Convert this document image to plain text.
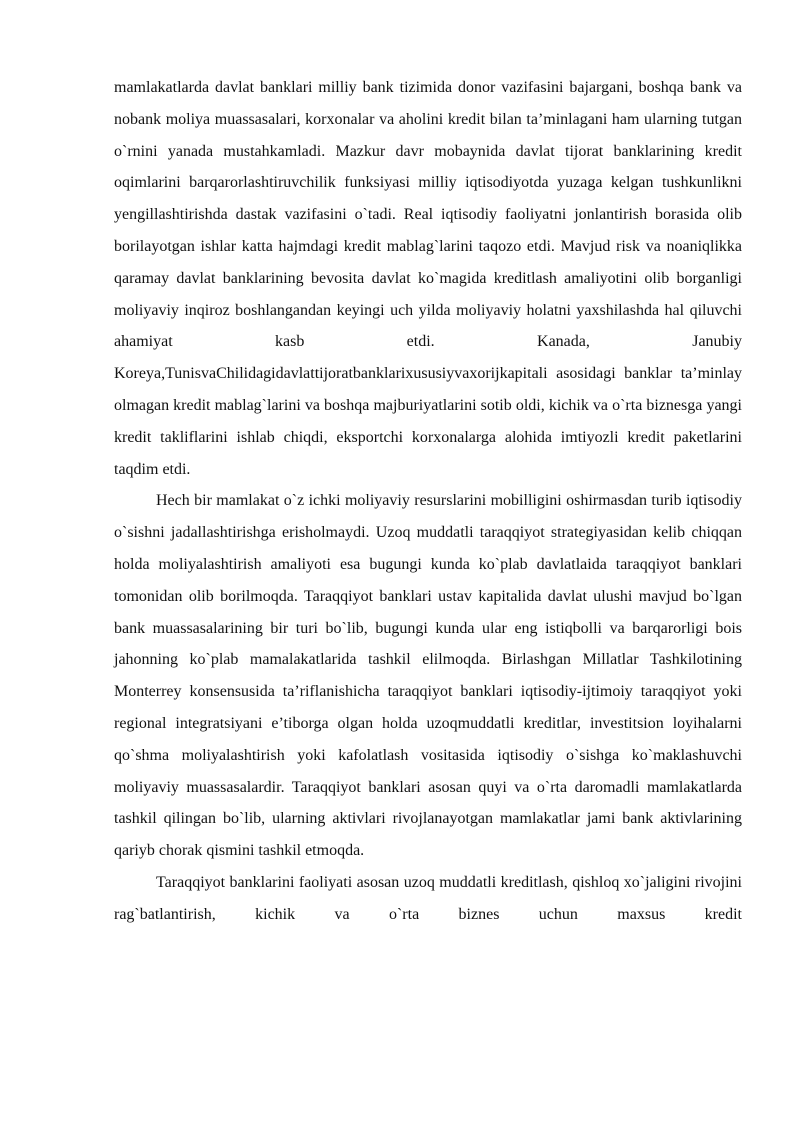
mamlakatlarda davlat banklari milliy bank tizimida donor vazifasini bajargani, boshqa bank va nobank moliya muassasalari, korxonalar va aholini kredit bilan ta’minlagani ham ularning tutgan o`rnini yanada mustahkamladi. Mazkur davr mobaynida davlat tijorat banklarining kredit oqimlarini barqarorlashtiruvchilik funksiyasi milliy iqtisodiyotda yuzaga kelgan tushkunlikni yengillashtirishda dastak vazifasini o`tadi. Real iqtisodiy faoliyatni jonlantirish borasida olib borilayotgan ishlar katta hajmdagi kredit mablag`larini taqozo etdi. Mavjud risk va noaniqlikka qaramay davlat banklarining bevosita davlat ko`magida kreditlash amaliyotini olib borganligi moliyaviy inqiroz boshlangandan keyingi uch yilda moliyaviy holatni yaxshilashda hal qiluvchi ahamiyat kasb etdi. Kanada, Janubiy Koreya,TunisvaChilidagidavlattijoratbanklarixususiyvaxorijkapitali asosidagi banklar ta’minlay olmagan kredit mablag`larini va boshqa majburiyatlarini sotib oldi, kichik va o`rta biznesga yangi kredit takliflarini ishlab chiqdi, eksportchi korxonalarga alohida imtiyozli kredit paketlarini taqdim etdi.

Hech bir mamlakat o`z ichki moliyaviy resurslarini mobilligini oshirmasdan turib iqtisodiy o`sishni jadallashtirishga erisholmaydi. Uzoq muddatli taraqqiyot strategiyasidan kelib chiqqan holda moliyalashtirish amaliyoti esa bugungi kunda ko`plab davlatlaida taraqqiyot banklari tomonidan olib borilmoqda. Taraqqiyot banklari ustav kapitalida davlat ulushi mavjud bo`lgan bank muassasalarining bir turi bo`lib, bugungi kunda ular eng istiqbolli va barqarorligi bois jahonning ko`plab mamalakatlarida tashkil elilmoqda. Birlashgan Millatlar Tashkilotining Monterrey konsensusida ta’riflanishicha taraqqiyot banklari iqtisodiy-ijtimoiy taraqqiyot yoki regional integratsiyani e’tiborga olgan holda uzoqmuddatli kreditlar, investitsion loyihalarni qo`shma moliyalashtirish yoki kafolatlash vositasida iqtisodiy o`sishga ko`maklashuvchi moliyaviy muassasalardir. Taraqqiyot banklari asosan quyi va o`rta daromadli mamlakatlarda tashkil qilingan bo`lib, ularning aktivlari rivojlanayotgan mamlakatlar jami bank aktivlarining qariyb chorak qismini tashkil etmoqda.

Taraqqiyot banklarini faoliyati asosan uzoq muddatli kreditlash, qishloq xo`jaligini rivojini rag`batlantirish, kichik va o`rta biznes uchun maxsus kredit
